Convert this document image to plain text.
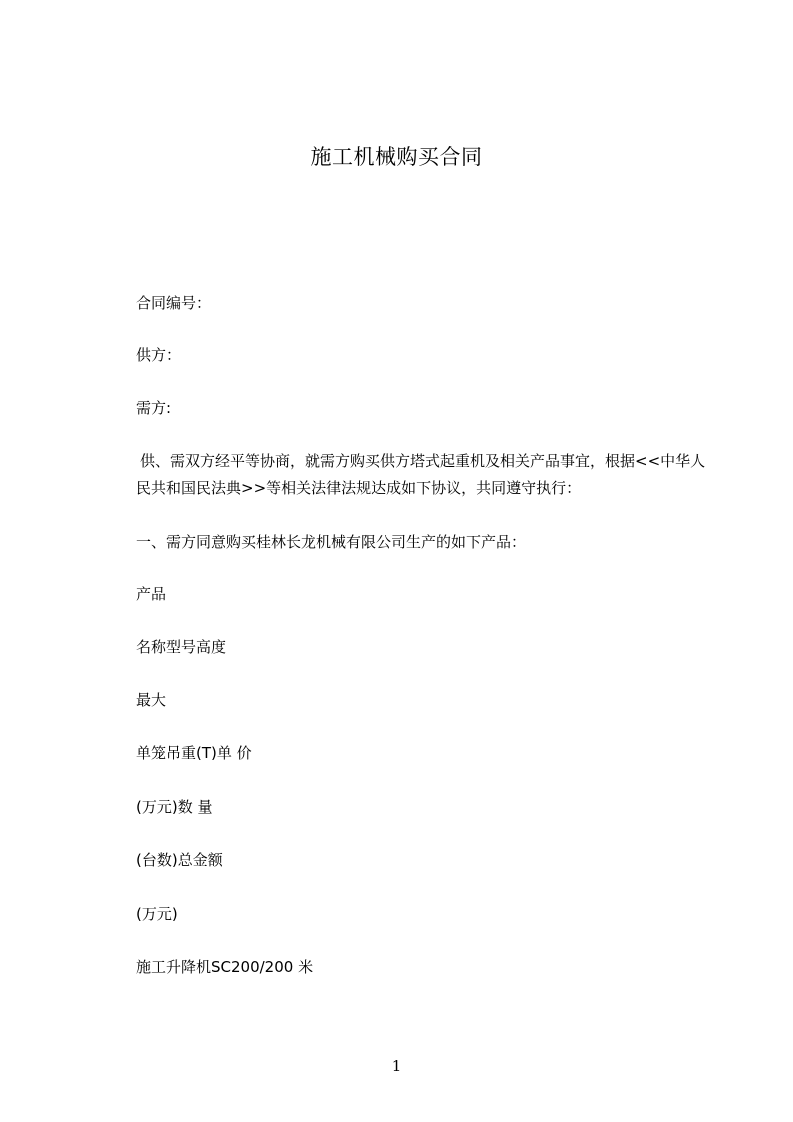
施工机械购买合同
合同编号：
供方：
需方:
供、需双方经平等协商，就需方购买供方塔式起重机及相关产品事宜，根据<<中华人民共和国民法典>>等相关法律法规达成如下协议，共同遵守执行：
一、需方同意购买桂林长龙机械有限公司生产的如下产品：
产品
名称型号高度
最大
单笼吊重(T)单 价
(万元)数 量
(台数)总金额
(万元)
施工升降机SC200/200 米
1
